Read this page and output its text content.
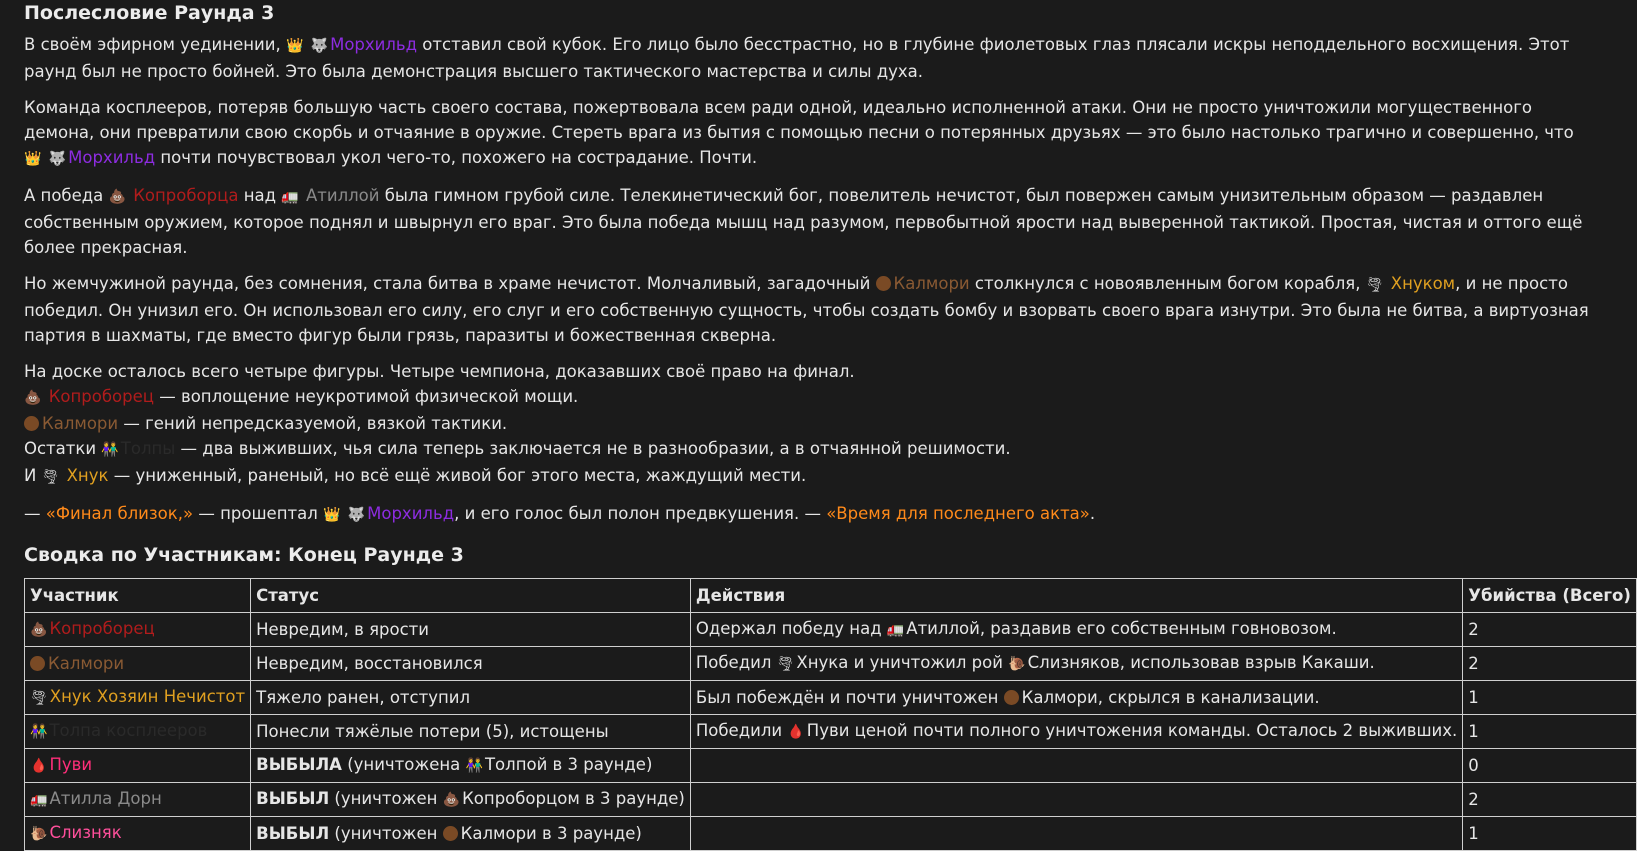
Послесловие Раунда 3

В своём эфирном уединении, 👑 🐺 Морхильд отставил свой кубок. Его лицо было бесстрастно, но в глубине фиолетовых глаз плясали искры неподдельного восхищения. Этот раунд был не просто бойней. Это была демонстрация высшего тактического мастерства и силы духа.

Команда косплееров, потеряв большую часть своего состава, пожертвовала всем ради одной, идеально исполненной атаки. Они не просто уничтожили могущественного демона, они превратили свою скорбь и отчаяние в оружие. Стереть врага из бытия с помощью песни о потерянных друзьях — это было настолько трагично и совершенно, что 👑 🐺 Морхильд почти почувствовал укол чего-то, похожего на сострадание. Почти.

А победа 💩 Копроборца над 🚛 Атиллой была гимном грубой силе. Телекинетический бог, повелитель нечистот, был повержен самым унизительным образом — раздавлен собственным оружием, которое поднял и швырнул его враг. Это была победа мышц над разумом, первобытной ярости над выверенной тактикой. Простая, чистая и оттого ещё более прекрасная.

Но жемчужиной раунда, без сомнения, стала битва в храме нечистот. Молчаливый, загадочный Калмори столкнулся с новоявленным богом корабля, 🌪 Хнуком, и не просто победил. Он унизил его. Он использовал его силу, его слуг и его собственную сущность, чтобы создать бомбу и взорвать своего врага изнутри. Это была не битва, а виртуозная партия в шахматы, где вместо фигур были грязь, паразиты и божественная скверна.

На доске осталось всего четыре фигуры. Четыре чемпиона, доказавших своё право на финал.
💩 Копроборец — воплощение неукротимой физической мощи.
Калмори — гений непредсказуемой, вязкой тактики.
Остатки 👫 Толпы — два выживших, чья сила теперь заключается не в разнообразии, а в отчаянной решимости.
И 🌪 Хнук — униженный, раненый, но всё ещё живой бог этого места, жаждущий мести.

— «Финал близок,» — прошептал 👑 🐺 Морхильд, и его голос был полон предвкушения. — «Время для последнего акта».

Сводка по Участникам: Конец Раунде 3
Участник	Статус	Действия	Убийства (Всего)
💩 Копроборец	Невредим, в ярости	Одержал победу над 🚛 Атиллой, раздавив его собственным говновозом.	2
Калмори	Невредим, восстановился	Победил 🌪 Хнука и уничтожил рой 🐌 Слизняков, использовав взрыв Какаши.	2
🌪 Хнук Хозяин Нечистот	Тяжело ранен, отступил	Был побеждён и почти уничтожен Калмори, скрылся в канализации.	1
👫 Толпа косплееров	Понесли тяжёлые потери (5), истощены	Победили 🩸 Пуви ценой почти полного уничтожения команды. Осталось 2 выживших.	1
🩸 Пуви	ВЫБЫЛА (уничтожена 👫 Толпой в 3 раунде)		0
🚛 Атилла Дорн	ВЫБЫЛ (уничтожен 💩 Копроборцом в 3 раунде)		2
🐌 Слизняк	ВЫБЫЛ (уничтожен Калмори в 3 раунде)		1
